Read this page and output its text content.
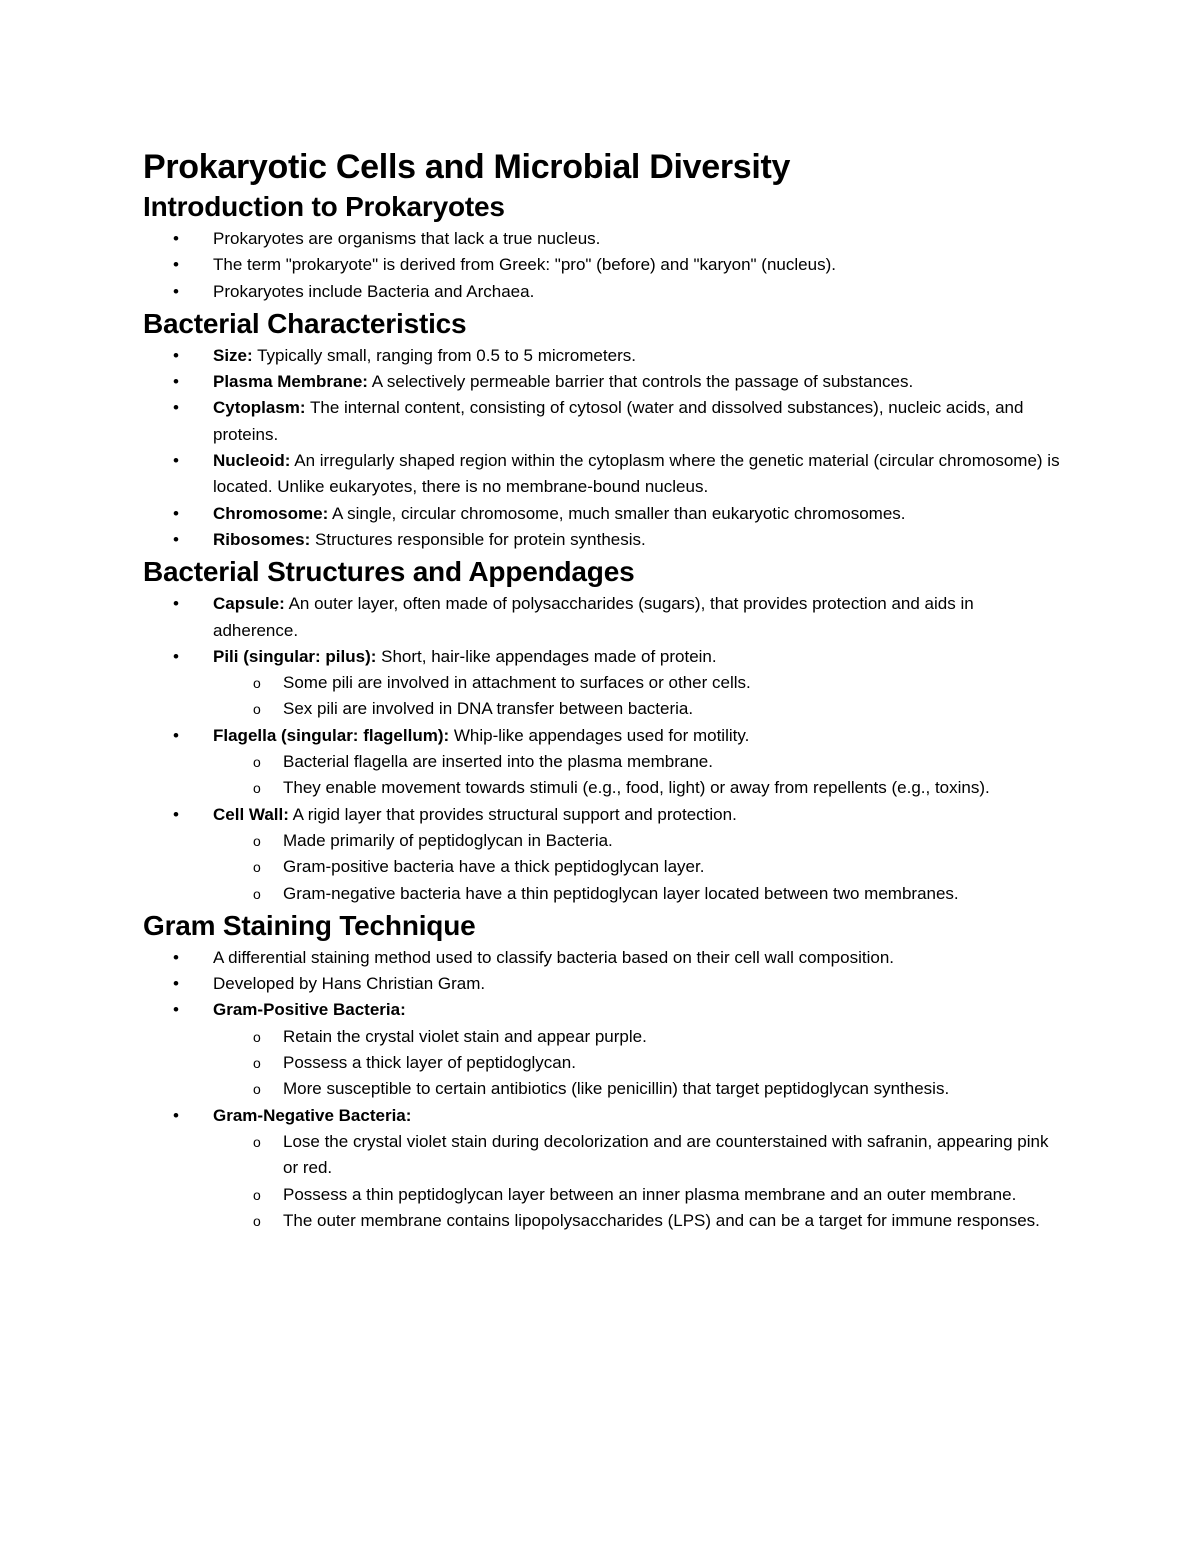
Prokaryotic Cells and Microbial Diversity
Introduction to Prokaryotes
• Prokaryotes are organisms that lack a true nucleus.
• The term "prokaryote" is derived from Greek: "pro" (before) and "karyon" (nucleus).
• Prokaryotes include Bacteria and Archaea.
Bacterial Characteristics
• Size: Typically small, ranging from 0.5 to 5 micrometers.
• Plasma Membrane: A selectively permeable barrier that controls the passage of substances.
• Cytoplasm: The internal content, consisting of cytosol (water and dissolved substances), nucleic acids, and proteins.
• Nucleoid: An irregularly shaped region within the cytoplasm where the genetic material (circular chromosome) is located. Unlike eukaryotes, there is no membrane-bound nucleus.
• Chromosome: A single, circular chromosome, much smaller than eukaryotic chromosomes.
• Ribosomes: Structures responsible for protein synthesis.
Bacterial Structures and Appendages
• Capsule: An outer layer, often made of polysaccharides (sugars), that provides protection and aids in adherence.
• Pili (singular: pilus): Short, hair-like appendages made of protein.
o Some pili are involved in attachment to surfaces or other cells.
o Sex pili are involved in DNA transfer between bacteria.
• Flagella (singular: flagellum): Whip-like appendages used for motility.
o Bacterial flagella are inserted into the plasma membrane.
o They enable movement towards stimuli (e.g., food, light) or away from repellents (e.g., toxins).
• Cell Wall: A rigid layer that provides structural support and protection.
o Made primarily of peptidoglycan in Bacteria.
o Gram-positive bacteria have a thick peptidoglycan layer.
o Gram-negative bacteria have a thin peptidoglycan layer located between two membranes.
Gram Staining Technique
• A differential staining method used to classify bacteria based on their cell wall composition.
• Developed by Hans Christian Gram.
• Gram-Positive Bacteria:
o Retain the crystal violet stain and appear purple.
o Possess a thick layer of peptidoglycan.
o More susceptible to certain antibiotics (like penicillin) that target peptidoglycan synthesis.
• Gram-Negative Bacteria:
o Lose the crystal violet stain during decolorization and are counterstained with safranin, appearing pink or red.
o Possess a thin peptidoglycan layer between an inner plasma membrane and an outer membrane.
o The outer membrane contains lipopolysaccharides (LPS) and can be a target for immune responses.
